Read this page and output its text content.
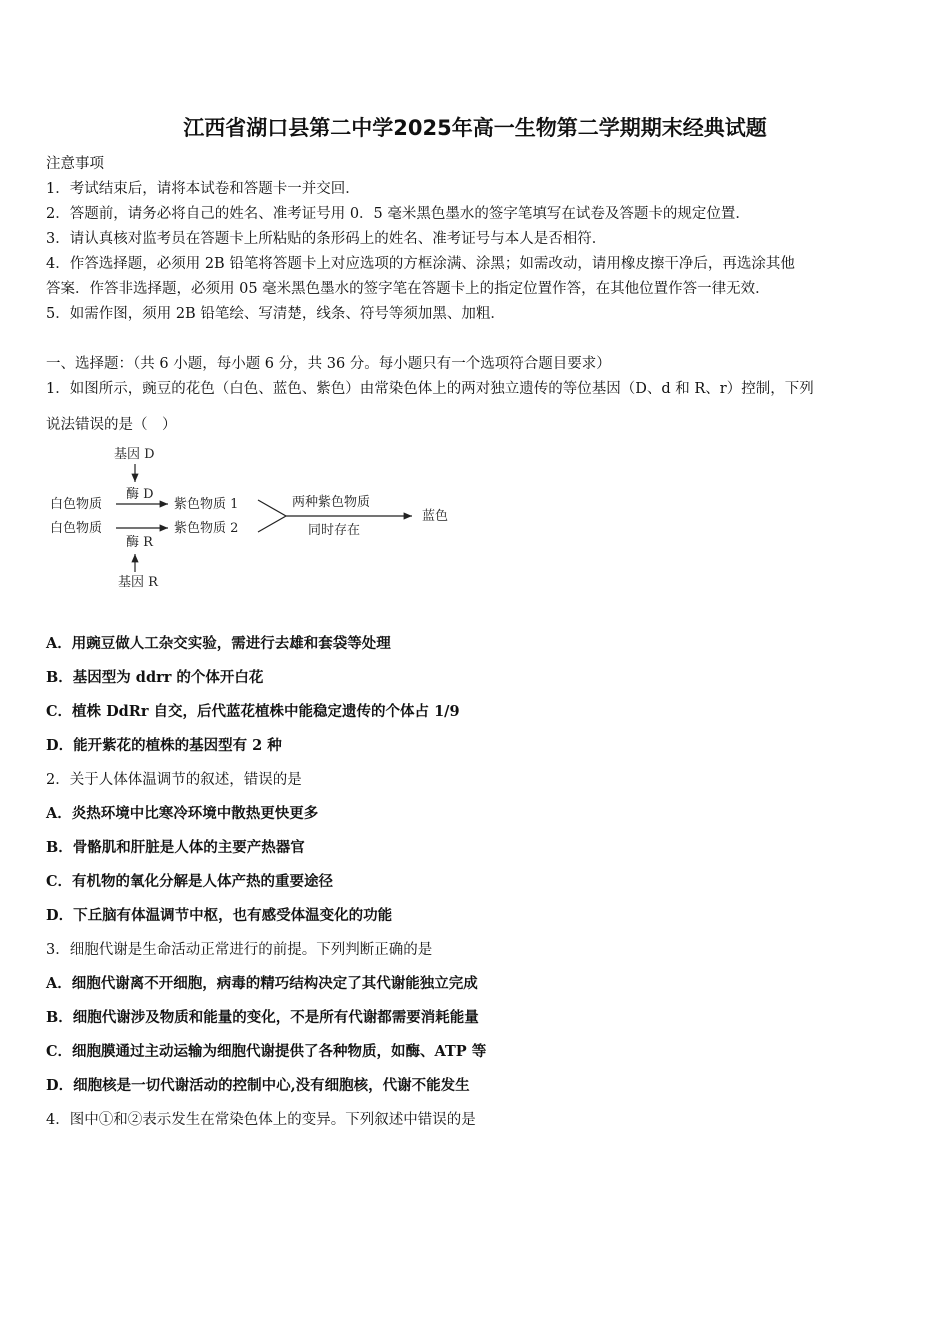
江西省湖口县第二中学2025年高一生物第二学期期末经典试题
注意事项
1．考试结束后，请将本试卷和答题卡一并交回．
2．答题前，请务必将自己的姓名、准考证号用 0．5 毫米黑色墨水的签字笔填写在试卷及答题卡的规定位置．
3．请认真核对监考员在答题卡上所粘贴的条形码上的姓名、准考证号与本人是否相符．
4．作答选择题，必须用 2B 铅笔将答题卡上对应选项的方框涂满、涂黑；如需改动，请用橡皮擦干净后，再选涂其他
答案．作答非选择题，必须用 05 毫米黑色墨水的签字笔在答题卡上的指定位置作答，在其他位置作答一律无效．
5．如需作图，须用 2B 铅笔绘、写清楚，线条、符号等须加黑、加粗．
一、选择题：（共 6 小题，每小题 6 分，共 36 分。每小题只有一个选项符合题目要求）
1．如图所示，豌豆的花色（白色、蓝色、紫色）由常染色体上的两对独立遗传的等位基因（D、d 和 R、r）控制，下列
说法错误的是（　）
基因 D
酶 D
白色物质	紫色物质 1
白色物质	紫色物质 2
两种紫色物质
同时存在
蓝色
酶 R
基因 R
A．用豌豆做人工杂交实验，需进行去雄和套袋等处理
B．基因型为 ddrr 的个体开白花
C．植株 DdRr 自交，后代蓝花植株中能稳定遗传的个体占 1/9
D．能开紫花的植株的基因型有 2 种
2．关于人体体温调节的叙述，错误的是
A．炎热环境中比寒冷环境中散热更快更多
B．骨骼肌和肝脏是人体的主要产热器官
C．有机物的氧化分解是人体产热的重要途径
D．下丘脑有体温调节中枢，也有感受体温变化的功能
3．细胞代谢是生命活动正常进行的前提。下列判断正确的是
A．细胞代谢离不开细胞，病毒的精巧结构决定了其代谢能独立完成
B．细胞代谢涉及物质和能量的变化，不是所有代谢都需要消耗能量
C．细胞膜通过主动运输为细胞代谢提供了各种物质，如酶、ATP 等
D．细胞核是一切代谢活动的控制中心,没有细胞核，代谢不能发生
4．图中①和②表示发生在常染色体上的变异。下列叙述中错误的是
